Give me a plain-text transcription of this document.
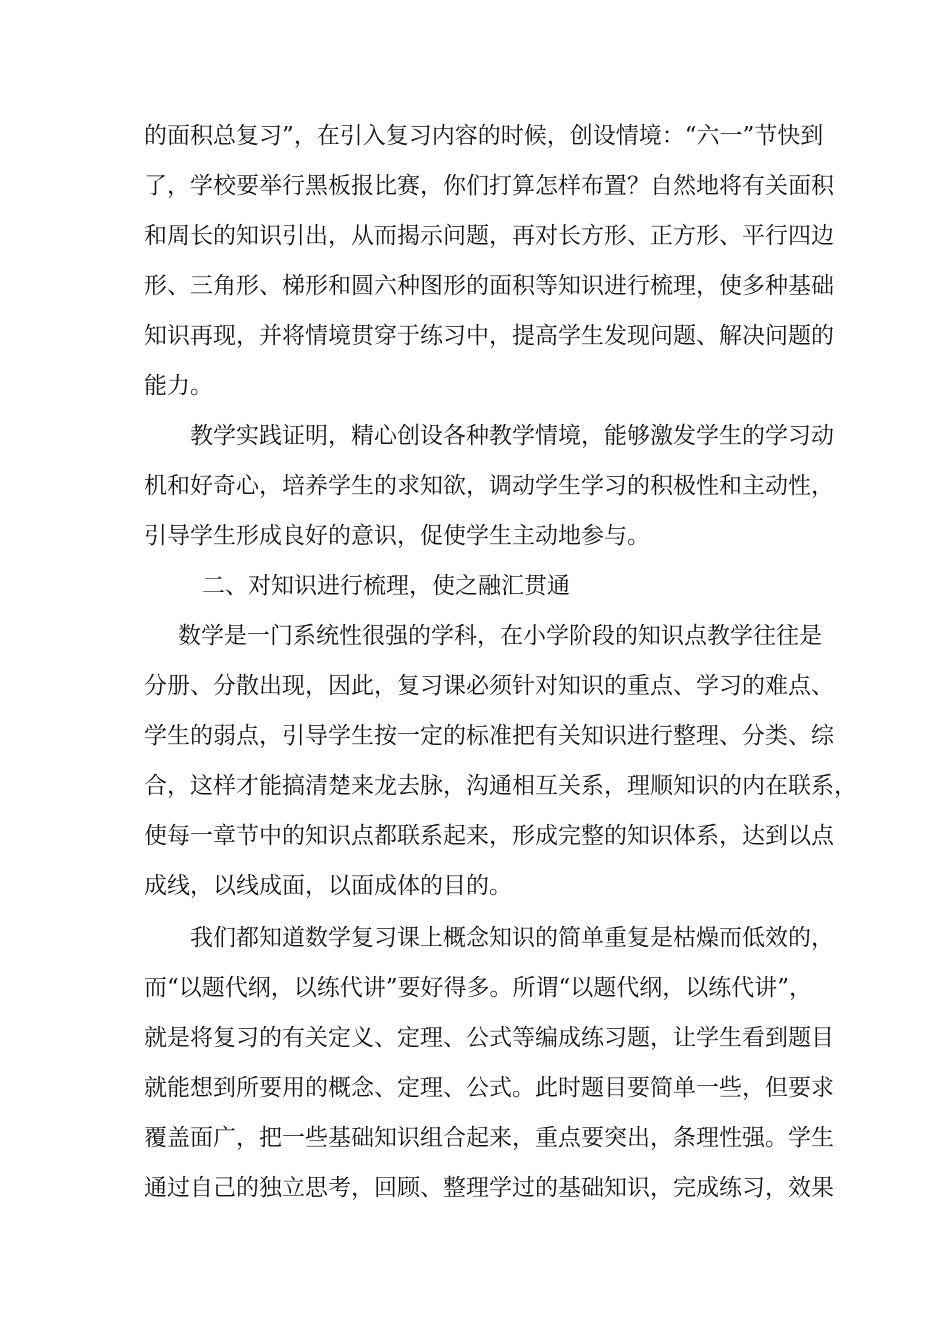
的面积总复习”，在引入复习内容的时候，创设情境：“六一”节快到
了，学校要举行黑板报比赛，你们打算怎样布置？自然地将有关面积
和周长的知识引出，从而揭示问题，再对长方形、正方形、平行四边
形、三角形、梯形和圆六种图形的面积等知识进行梳理，使多种基础
知识再现，并将情境贯穿于练习中，提高学生发现问题、解决问题的
能力。
教学实践证明，精心创设各种教学情境，能够激发学生的学习动
机和好奇心，培养学生的求知欲，调动学生学习的积极性和主动性，
引导学生形成良好的意识，促使学生主动地参与。
二、对知识进行梳理，使之融汇贯通
数学是一门系统性很强的学科，在小学阶段的知识点教学往往是
分册、分散出现，因此，复习课必须针对知识的重点、学习的难点、
学生的弱点，引导学生按一定的标准把有关知识进行整理、分类、综
合，这样才能搞清楚来龙去脉，沟通相互关系，理顺知识的内在联系，
使每一章节中的知识点都联系起来，形成完整的知识体系，达到以点
成线，以线成面，以面成体的目的。
我们都知道数学复习课上概念知识的简单重复是枯燥而低效的，
而“以题代纲，以练代讲”要好得多。所谓“以题代纲，以练代讲”，
就是将复习的有关定义、定理、公式等编成练习题，让学生看到题目
就能想到所要用的概念、定理、公式。此时题目要简单一些，但要求
覆盖面广，把一些基础知识组合起来，重点要突出，条理性强。学生
通过自己的独立思考，回顾、整理学过的基础知识，完成练习，效果
